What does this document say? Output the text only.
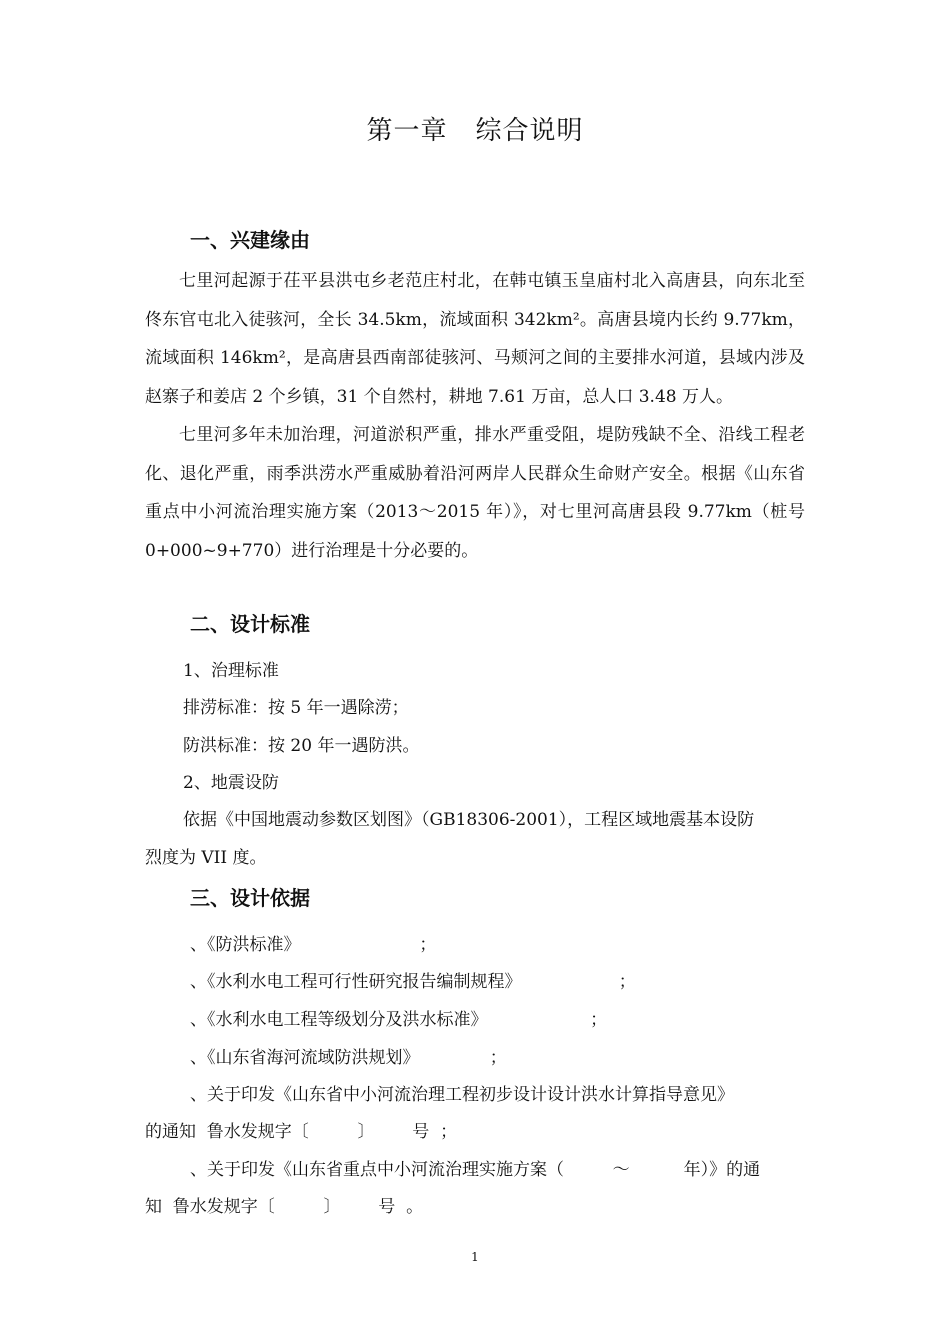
第一章 综合说明
一、兴建缘由

七里河起源于茌平县洪屯乡老范庄村北，在韩屯镇玉皇庙村北入高唐县，向东北至佟东官屯北入徒骇河，全长 34.5km，流域面积 342km²。高唐县境内长约 9.77km，流域面积 146km²，是高唐县西南部徒骇河、马颊河之间的主要排水河道，县域内涉及赵寨子和姜店 2 个乡镇，31 个自然村，耕地 7.61 万亩，总人口 3.48 万人。

七里河多年未加治理，河道淤积严重，排水严重受阻，堤防残缺不全、沿线工程老化、退化严重，雨季洪涝水严重威胁着沿河两岸人民群众生命财产安全。根据《山东省重点中小河流治理实施方案（2013～2015 年）》，对七里河高唐县段 9.77km（桩号 0+000~9+770）进行治理是十分必要的。

二、设计标准
1、治理标准
排涝标准：按 5 年一遇除涝；
防洪标准：按 20 年一遇防洪。
2、地震设防
依据《中国地震动参数区划图》（GB18306-2001），工程区域地震基本设防
烈度为 VII 度。
三、设计依据
、《防洪标准》                      ；
、《水利水电工程可行性研究报告编制规程》                  ；
、《水利水电工程等级划分及洪水标准》                   ；
、《山东省海河流域防洪规划》             ；
、关于印发《山东省中小河流治理工程初步设计设计洪水计算指导意见》
的通知  鲁水发规字〔         〕       号  ；
、关于印发《山东省重点中小河流治理实施方案（         ～          年）》的通
知  鲁水发规字〔         〕       号  。
1
